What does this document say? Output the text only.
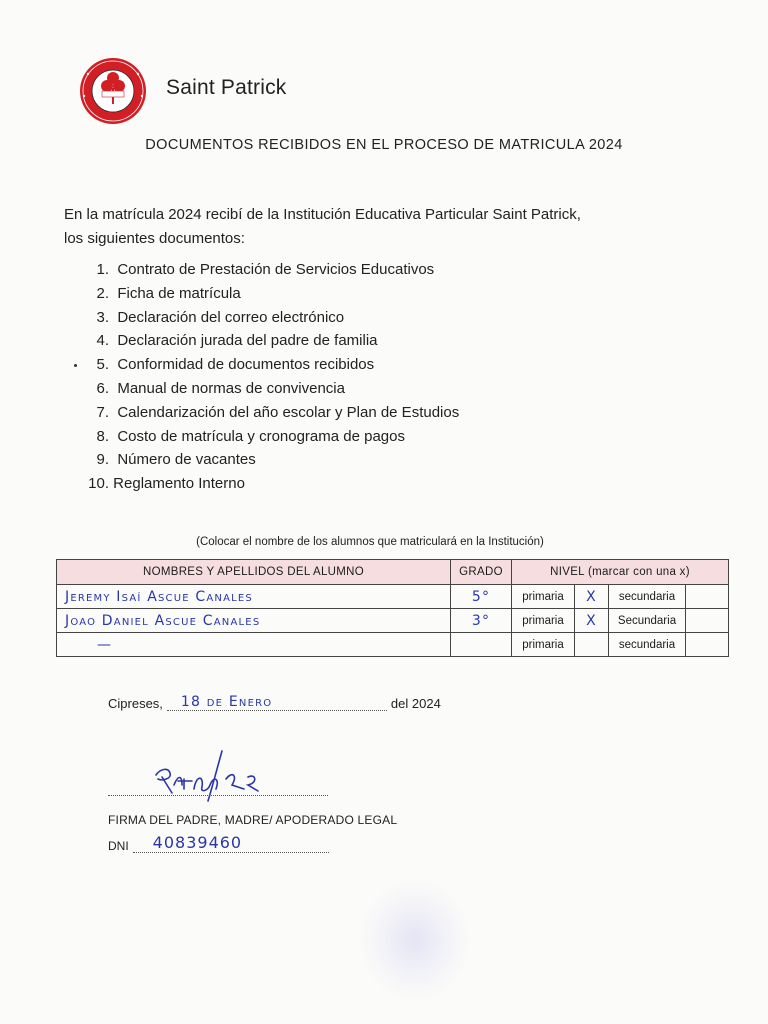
Saint Patrick
DOCUMENTOS RECIBIDOS EN EL PROCESO DE MATRICULA 2024
En la matrícula 2024 recibí de la Institución Educativa Particular Saint Patrick,
los siguientes documentos:
1.
Contrato de Prestación de Servicios Educativos
2.
Ficha de matrícula
3.
Declaración del correo electrónico
4.
Declaración jurada del padre de familia
5.
Conformidad de documentos recibidos
6.
Manual de normas de convivencia
7.
Calendarización del año escolar y Plan de Estudios
8.
Costo de matrícula y cronograma de pagos
9.
Número de vacantes
10.
Reglamento Interno
(Colocar el nombre de los alumnos que matriculará en la Institución)
NOMBRES Y APELLIDOS DEL ALUMNO	GRADO	NIVEL (marcar con una x)			
Jeremy Isaí Ascue Canales	5°	primaria	X	secundaria	
Joao Daniel Ascue Canales	3°	primaria	X	Secundaria	
—		primaria		secundaria	
Cipreses, 18 de Enero	del 2024
FIRMA DEL PADRE, MADRE/ APODERADO LEGAL
DNI 40839460
